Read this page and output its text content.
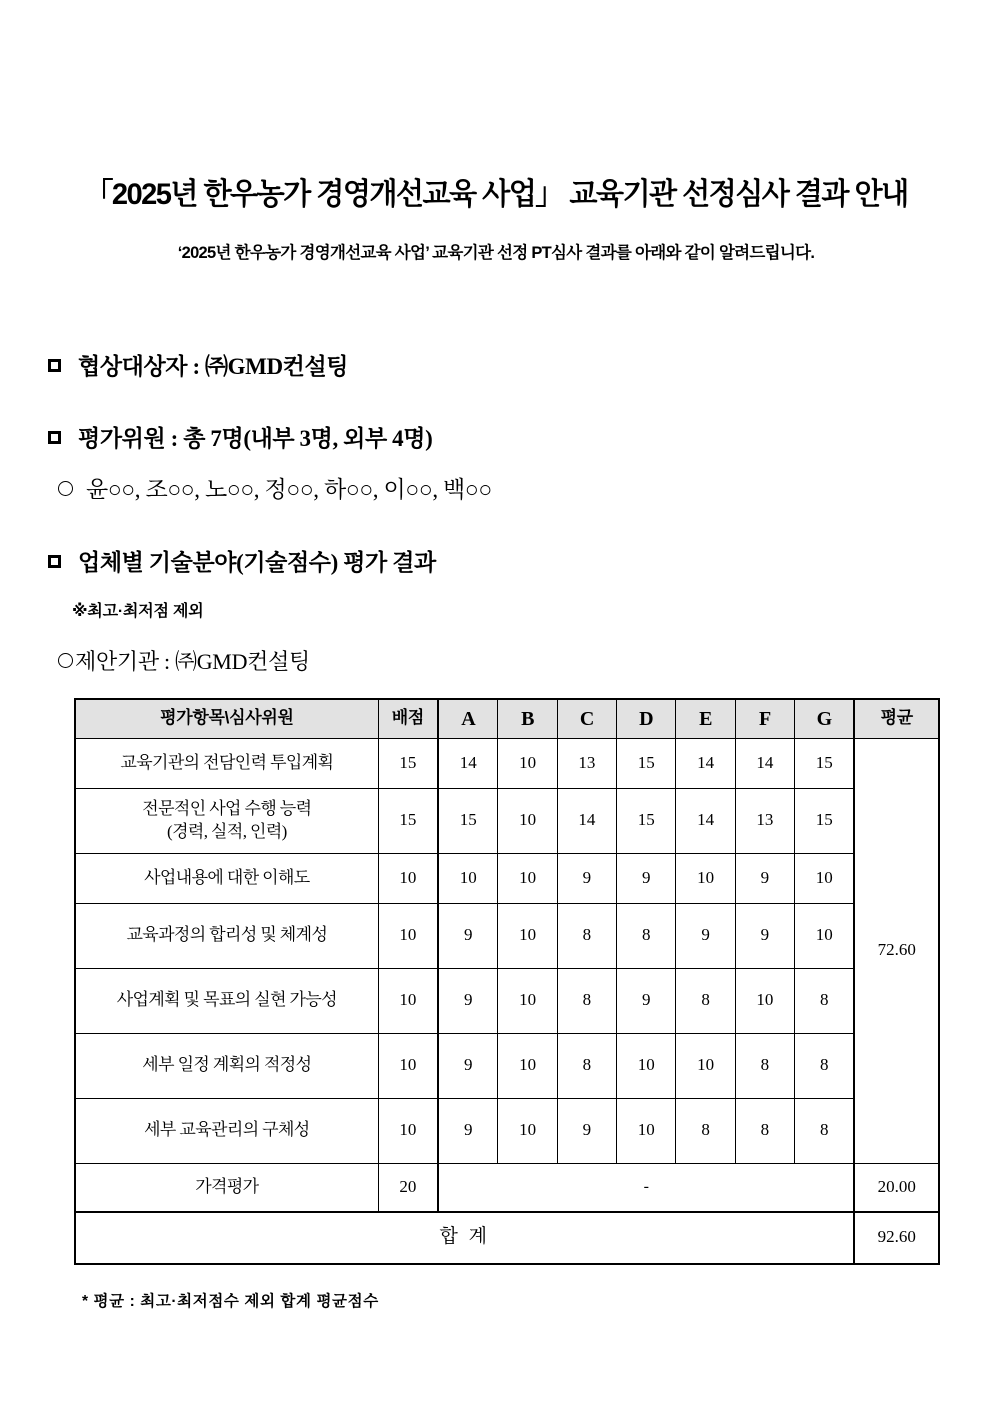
「2025년 한우농가 경영개선교육 사업」 교육기관 선정심사 결과 안내

‘2025년 한우농가 경영개선교육 사업’ 교육기관 선정 PT심사 결과를 아래와 같이 알려드립니다.

협상대상자 : ㈜GMD컨설팅

평가위원 : 총 7명(내부 3명, 외부 4명)

윤○○, 조○○, 노○○, 정○○, 하○○, 이○○, 백○○

업체별 기술분야(기술점수) 평가 결과

※최고·최저점 제외

제안기관 : ㈜GMD컨설팅

평가항목\심사위원	배점	A	B	C	D	E	F	G	평균
교육기관의 전담인력 투입계획	15	14	10	13	15	14	14	15	72.60

전문적인 사업 수행 능력
(경력, 실적, 인력)	15	15	10	14	15	14	13	15	
사업내용에 대한 이해도	10	10	10	9	9	10	9	10	
교육과정의 합리성 및 체계성	10	9	10	8	8	9	9	10	
사업계획 및 목표의 실현 가능성	10	9	10	8	9	8	10	8	
세부 일정 계획의 적정성	10	9	10	8	10	10	8	8	
세부 교육관리의 구체성	10	9	10	9	10	8	8	8	
가격평가	20	-							20.00
합 계									92.60

* 평균 : 최고·최저점수 제외 합계 평균점수
